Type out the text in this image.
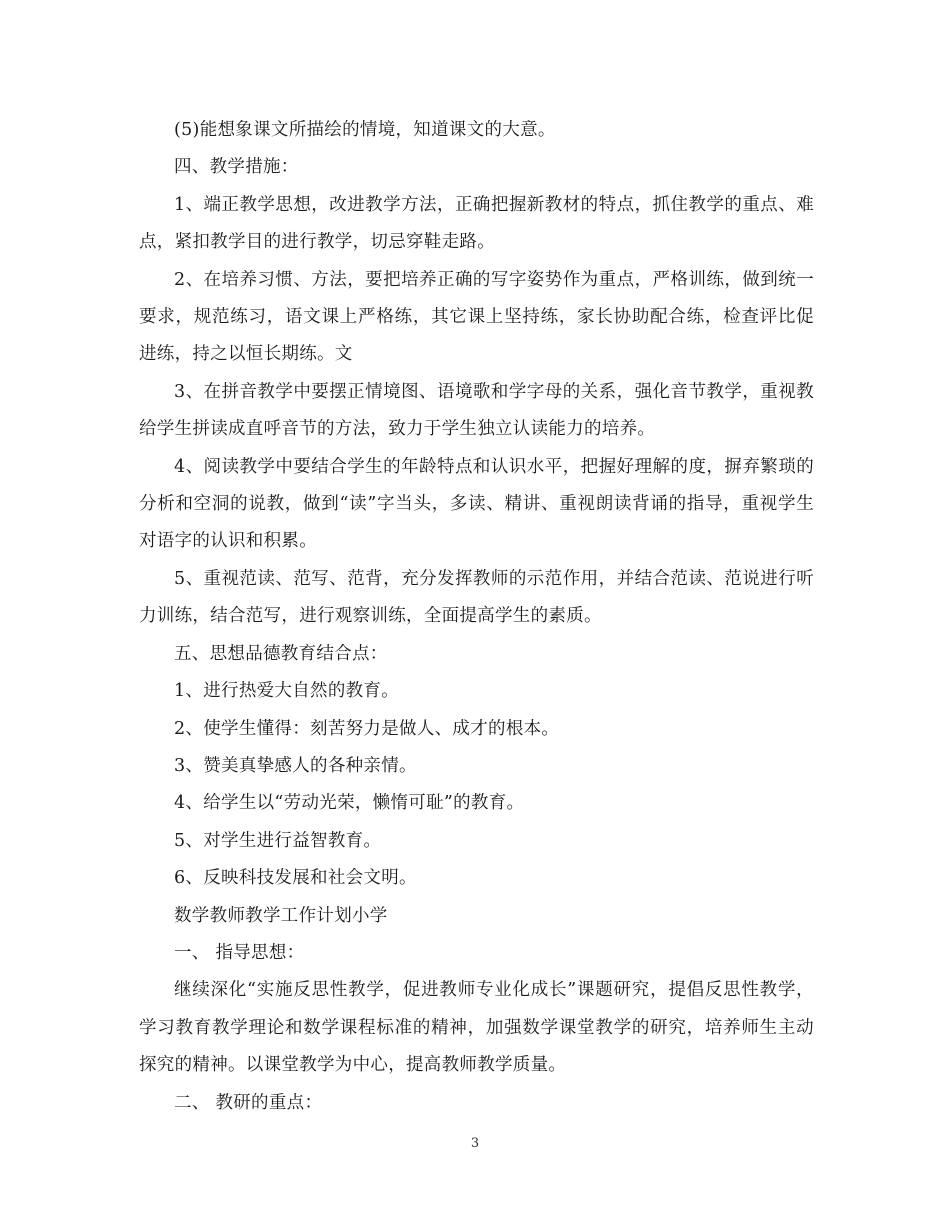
(5)能想象课文所描绘的情境，知道课文的大意。

四、教学措施：

1、端正教学思想，改进教学方法，正确把握新教材的特点，抓住教学的重点、难点，紧扣教学目的进行教学，切忌穿鞋走路。

2、在培养习惯、方法，要把培养正确的写字姿势作为重点，严格训练，做到统一要求，规范练习，语文课上严格练，其它课上坚持练，家长协助配合练，检查评比促进练，持之以恒长期练。文

3、在拼音教学中要摆正情境图、语境歌和学字母的关系，强化音节教学，重视教给学生拼读成直呼音节的方法，致力于学生独立认读能力的培养。

4、阅读教学中要结合学生的年龄特点和认识水平，把握好理解的度，摒弃繁琐的分析和空洞的说教，做到“读”字当头，多读、精讲、重视朗读背诵的指导，重视学生对语字的认识和积累。

5、重视范读、范写、范背，充分发挥教师的示范作用，并结合范读、范说进行听力训练，结合范写，进行观察训练，全面提高学生的素质。

五、思想品德教育结合点：

1、进行热爱大自然的教育。

2、使学生懂得：刻苦努力是做人、成才的根本。

3、赞美真挚感人的各种亲情。

4、给学生以“劳动光荣，懒惰可耻”的教育。

5、对学生进行益智教育。

6、反映科技发展和社会文明。

数学教师教学工作计划小学

一、 指导思想：

继续深化“实施反思性教学，促进教师专业化成长”课题研究，提倡反思性教学，学习教育教学理论和数学课程标准的精神，加强数学课堂教学的研究，培养师生主动探究的精神。以课堂教学为中心，提高教师教学质量。

二、 教研的重点：

3
